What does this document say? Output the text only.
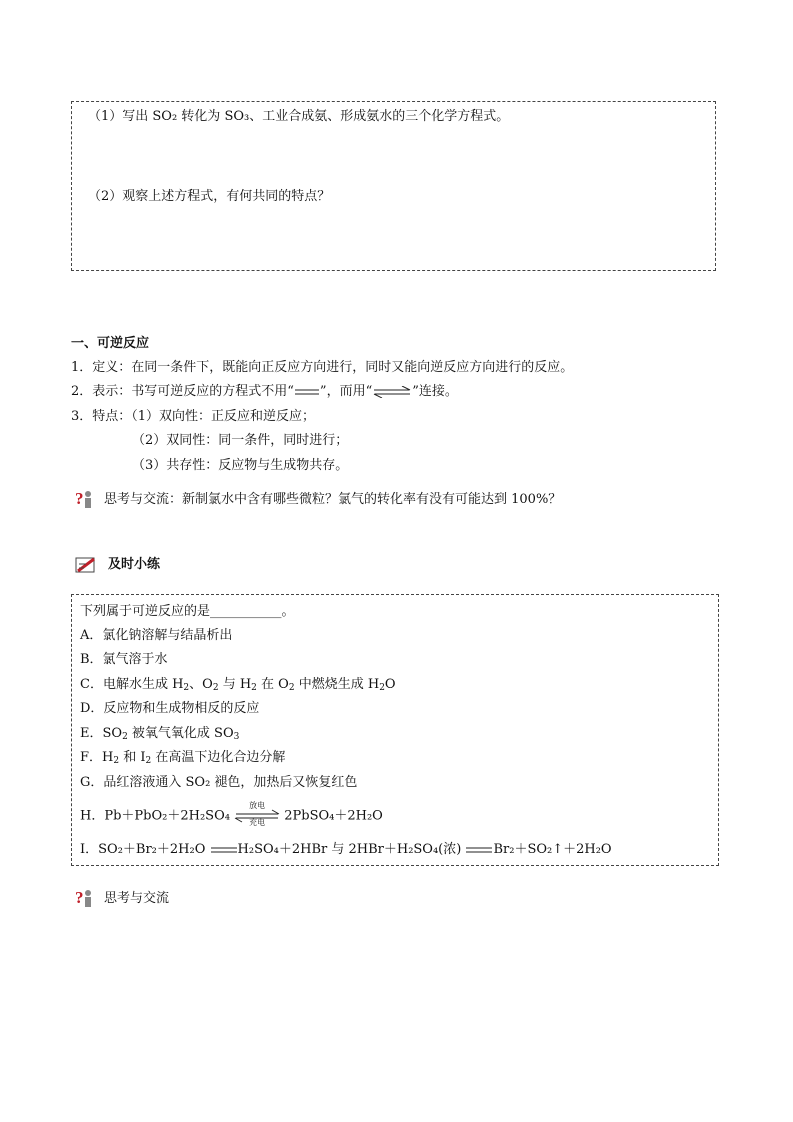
（1）写出 SO₂ 转化为 SO₃、工业合成氨、形成氨水的三个化学方程式。
（2）观察上述方程式，有何共同的特点？
一、可逆反应
1．定义：在同一条件下，既能向正反应方向进行，同时又能向逆反应方向进行的反应。
2．表示：书写可逆反应的方程式不用“ ”，而用“⇌”连接。
3．特点：（1）双向性：正反应和逆反应；
（2）双同性：同一条件，同时进行；
（3）共存性：反应物与生成物共存。
? 思考与交流：新制氯水中含有哪些微粒？氯气的转化率有没有可能达到 100%？
及时小练
下列属于可逆反应的是___________。
A．氯化钠溶解与结晶析出
B．氯气溶于水
C．电解水生成 $H_2$、$O_2$ 与 $H_2$ 在 $O_2$ 中燃烧生成 $H_2O$
D．反应物和生成物相反的反应
E．$SO_2$ 被氧气氧化成 $SO_3$
F．$H_2$ 和 $I_2$ 在高温下边化合边分解
G．品红溶液通入 SO₂ 褪色，加热后又恢复红色
H．Pb＋PbO₂＋2H₂SO₄
放电
充电	2PbSO₄＋2H₂O
I．SO₂＋Br₂＋2H₂O H₂SO₄＋2HBr 与 2HBr＋H₂SO₄(浓) Br₂＋SO₂↑＋2H₂O
? 思考与交流
